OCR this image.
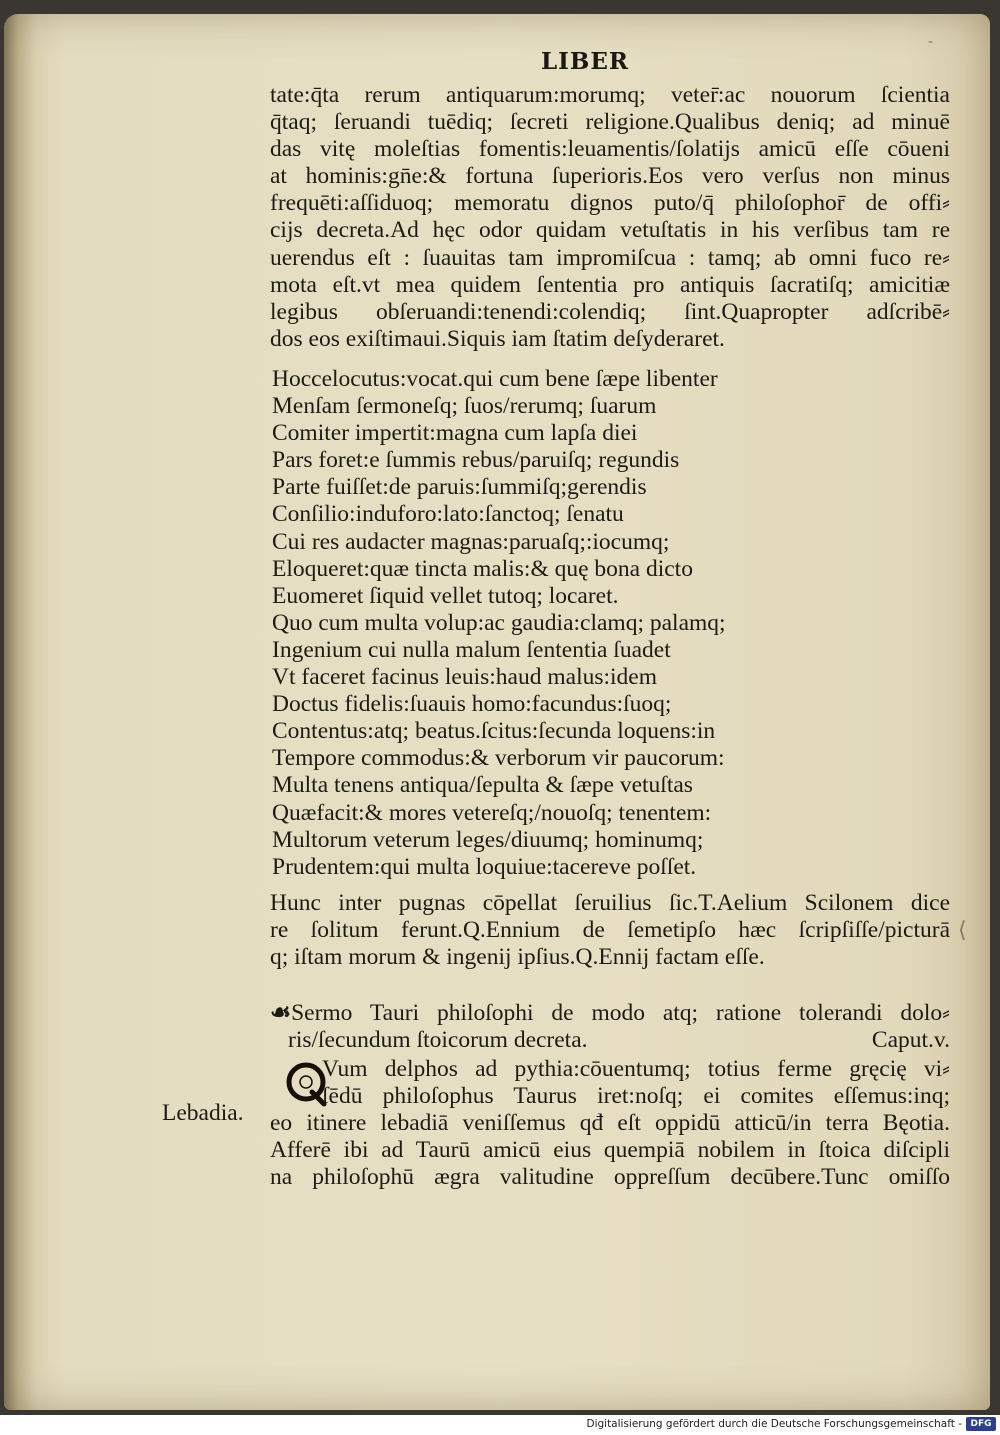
-
LIBER
tate:q̄ta rerum antiquarum:morumq; veter̄:ac nouorum ſcientia
q̄taq; ſeruandi tuēdiq; ſecreti religione.Qualibus deniq; ad minuē
das vitę moleſtias fomentis:leuamentis/ſolatijs amicū eſſe cōueni
at hominis:gn̄e:& fortuna ſuperioris.Eos vero verſus non minus
frequēti:aſſiduoq; memoratu dignos puto/q̄ philoſophor̄ de offi⸗
cijs decreta.Ad hęc odor quidam vetuſtatis in his verſibus tam re
uerendus eſt : ſuauitas tam impromiſcua : tamq; ab omni fuco re⸗
mota eſt.vt mea quidem ſententia pro antiquis ſacratiſq; amicitiæ
legibus obſeruandi:tenendi:colendiq; ſint.Quapropter adſcribē⸗
dos eos exiſtimaui.Siquis iam ſtatim deſyderaret.
Hoccelocutus:vocat.qui cum bene ſæpe libenter
Menſam ſermoneſq; ſuos/rerumq; ſuarum
Comiter impertit:magna cum lapſa diei
Pars foret:e ſummis rebus/paruiſq; regundis
Parte fuiſſet:de paruis:ſummiſq;gerendis
Conſilio:induforo:lato:ſanctoq; ſenatu
Cui res audacter magnas:paruaſq;:iocumq;
Eloqueret:quæ tincta malis:& quę bona dicto
Euomeret ſiquid vellet tutoq; locaret.
Quo cum multa volup:ac gaudia:clamq; palamq;
Ingenium cui nulla malum ſententia ſuadet
Vt faceret facinus leuis:haud malus:idem
Doctus fidelis:ſuauis homo:facundus:ſuoq;
Contentus:atq; beatus.ſcitus:ſecunda loquens:in
Tempore commodus:& verborum vir paucorum:
Multa tenens antiqua/ſepulta & ſæpe vetuſtas
Quæfacit:& mores vetereſq;/nouoſq; tenentem:
Multorum veterum leges/diuumq; hominumq;
Prudentem:qui multa loquiue:tacereve poſſet.
Hunc inter pugnas cōpellat ſeruilius ſic.T.Aelium Scilonem dice
re ſolitum ferunt.Q.Ennium de ſemetipſo hæc ſcripſiſſe/picturā
q; iſtam morum & ingenij ipſius.Q.Ennij factam eſſe.
⟨
☙Sermo Tauri philoſophi de modo atq; ratione tolerandi dolo⸗
ris/ſecundum ſtoicorum decreta.	Caput.v.
Vum delphos ad pythia:cōuentumq; totius ferme gręcię vi⸗
ſēdū philoſophus Taurus iret:noſq; ei comites eſſemus:inq;
eo itinere lebadiā veniſſemus qđ eſt oppidū atticū/in terra Bęotia.
Afferē ibi ad Taurū amicū eius quempiā nobilem in ſtoica diſcipli
na philoſophū ægra valitudine oppreſſum decūbere.Tunc omiſſo
Lebadia.
Digitalisierung gefördert durch die Deutsche Forschungsgemeinschaft - DFG
